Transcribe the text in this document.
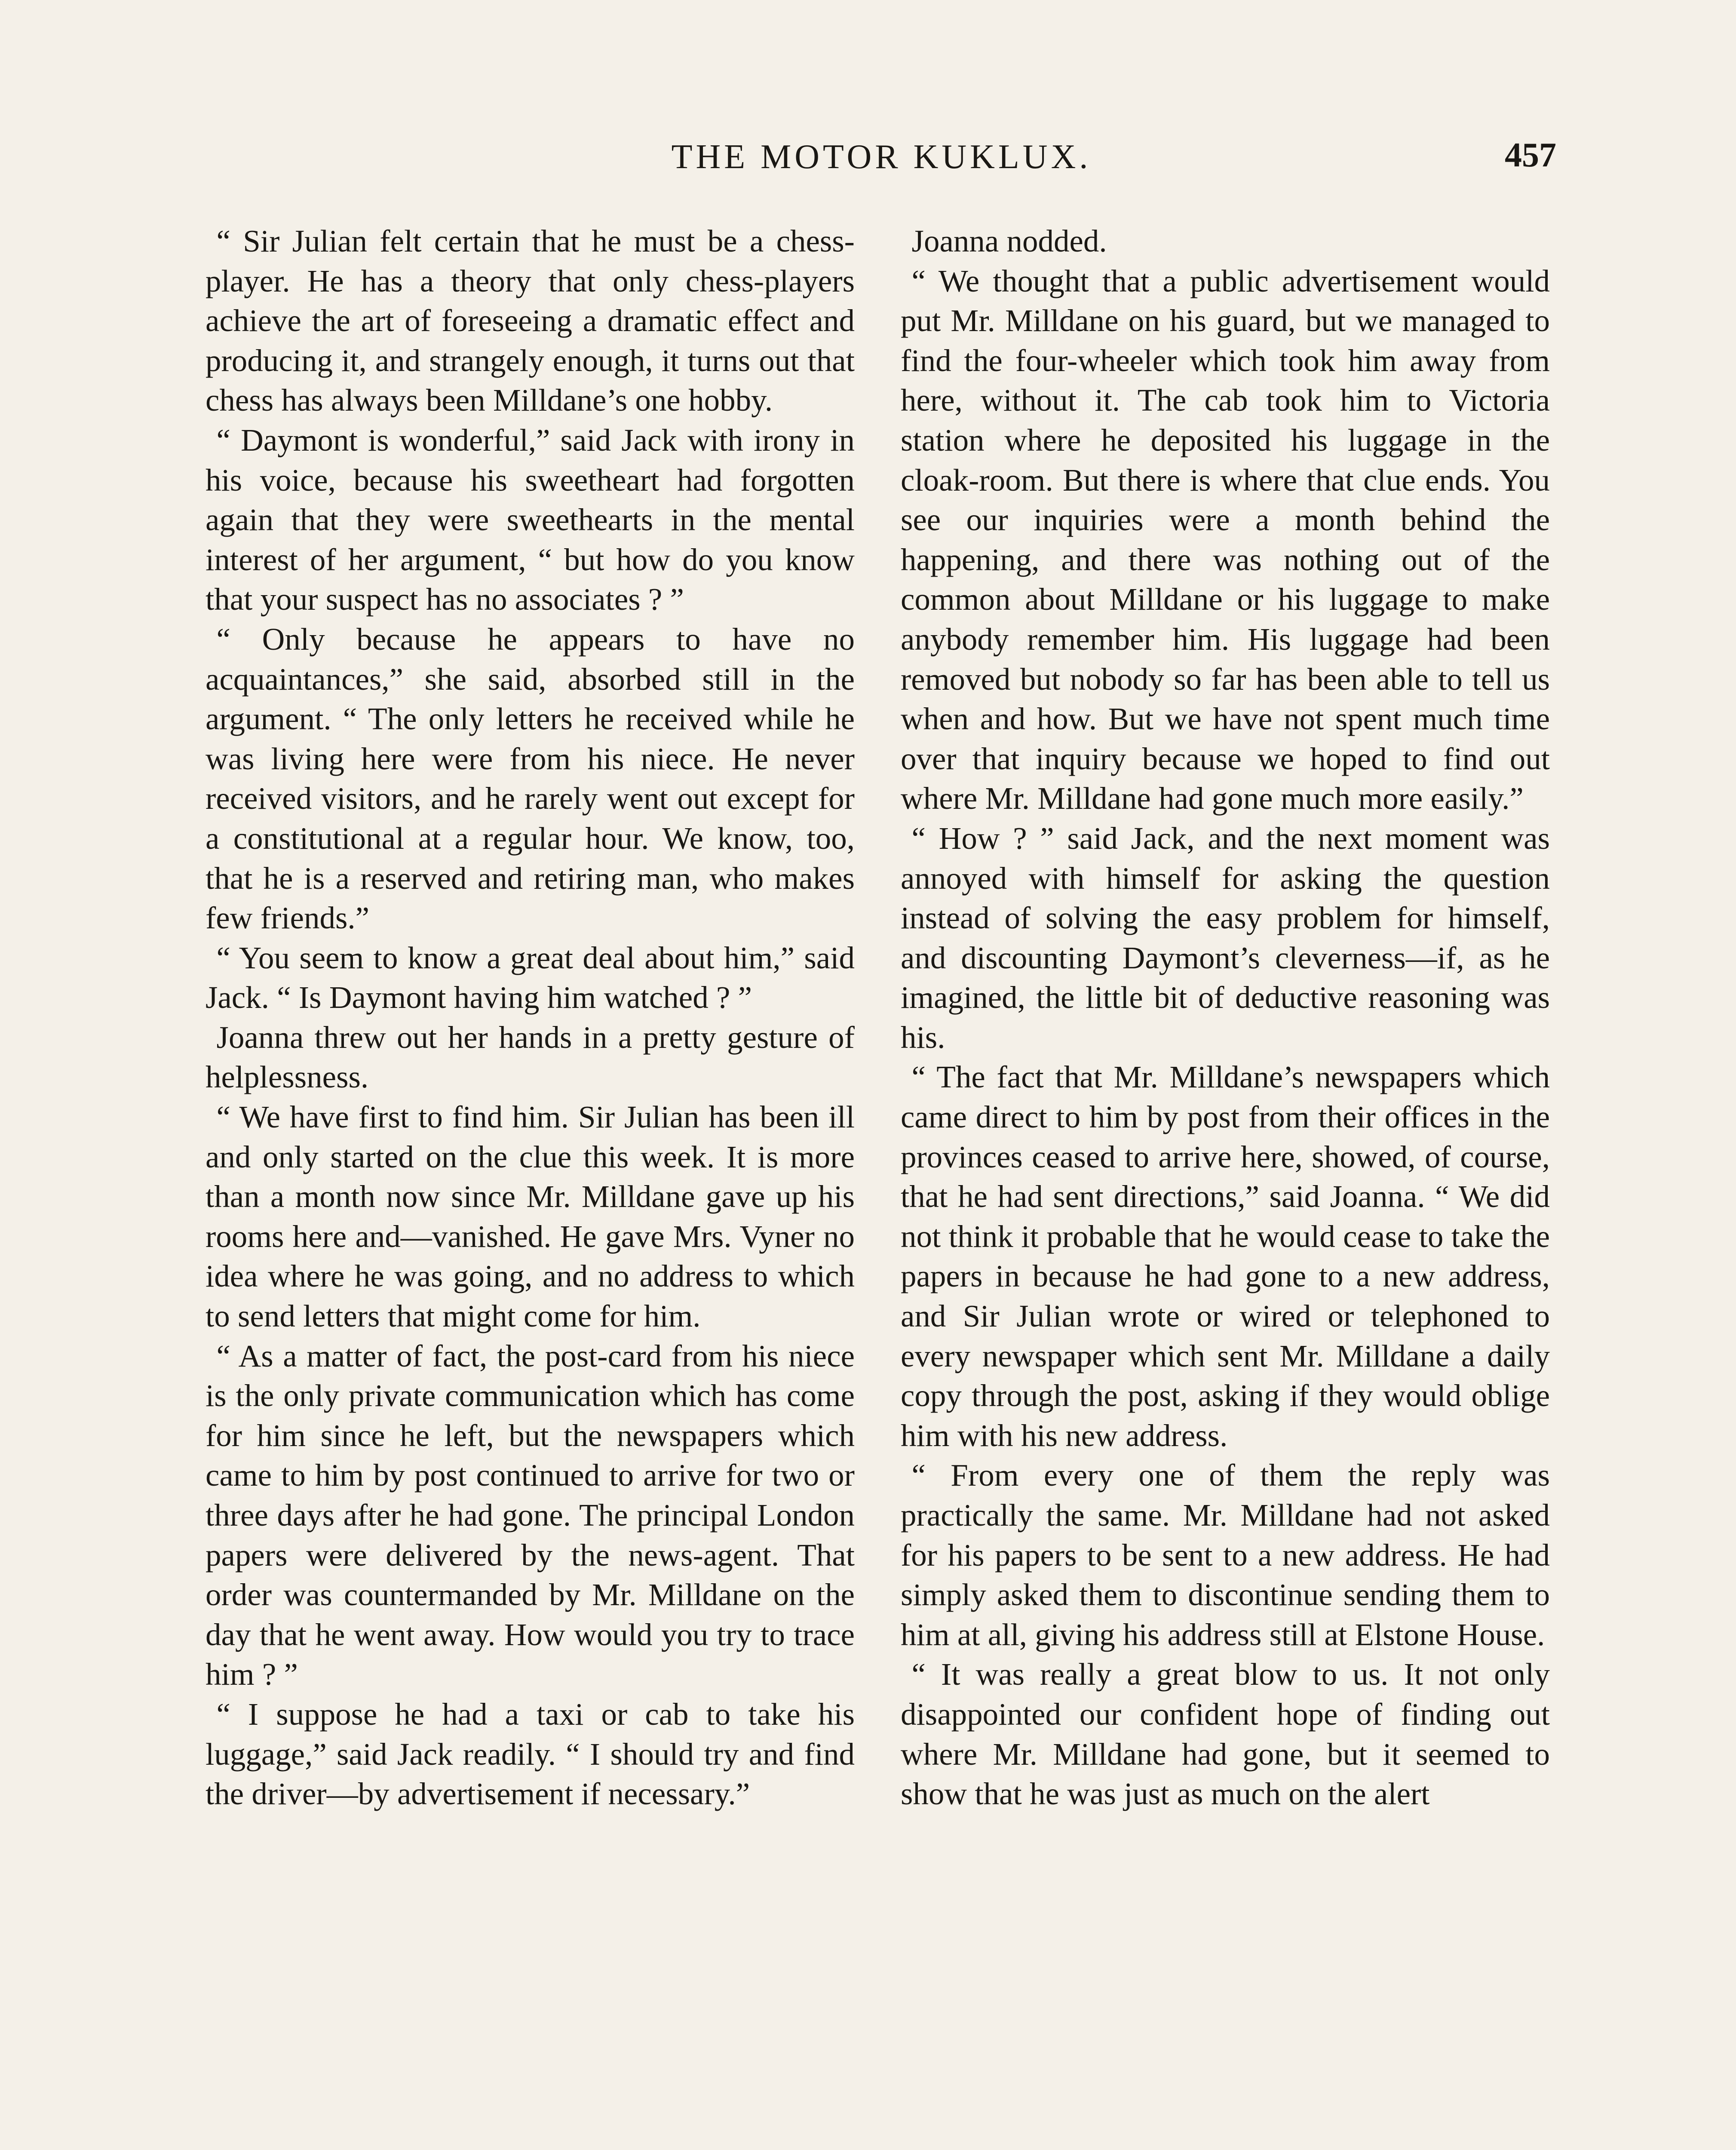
THE MOTOR KUKLUX.	457

“ Sir Julian felt certain that he must be a chess-player. He has a theory that only chess-players achieve the art of foreseeing a dramatic effect and producing it, and strangely enough, it turns out that chess has always been Milldane’s one hobby.

“ Daymont is wonderful,” said Jack with irony in his voice, because his sweetheart had forgotten again that they were sweethearts in the mental interest of her argument, “ but how do you know that your suspect has no associates ? ”

“ Only because he appears to have no acquaintances,” she said, absorbed still in the argument. “ The only letters he received while he was living here were from his niece. He never received visitors, and he rarely went out except for a constitutional at a regular hour. We know, too, that he is a reserved and retiring man, who makes few friends.”

“ You seem to know a great deal about him,” said Jack. “ Is Daymont having him watched ? ”

Joanna threw out her hands in a pretty gesture of helplessness.

“ We have first to find him. Sir Julian has been ill and only started on the clue this week. It is more than a month now since Mr. Milldane gave up his rooms here and—vanished. He gave Mrs. Vyner no idea where he was going, and no address to which to send letters that might come for him.

“ As a matter of fact, the post-card from his niece is the only private communication which has come for him since he left, but the newspapers which came to him by post continued to arrive for two or three days after he had gone. The principal London papers were delivered by the news-agent. That order was countermanded by Mr. Milldane on the day that he went away. How would you try to trace him ? ”

“ I suppose he had a taxi or cab to take his luggage,” said Jack readily. “ I should try and find the driver—by advertisement if necessary.”

Joanna nodded.

“ We thought that a public advertisement would put Mr. Milldane on his guard, but we managed to find the four-wheeler which took him away from here, without it. The cab took him to Victoria station where he deposited his luggage in the cloak-room. But there is where that clue ends. You see our inquiries were a month behind the happening, and there was nothing out of the common about Milldane or his luggage to make anybody remember him. His luggage had been removed but nobody so far has been able to tell us when and how. But we have not spent much time over that inquiry because we hoped to find out where Mr. Milldane had gone much more easily.”

“ How ? ” said Jack, and the next moment was annoyed with himself for asking the question instead of solving the easy problem for himself, and discounting Daymont’s cleverness—if, as he imagined, the little bit of deductive reasoning was his.

“ The fact that Mr. Milldane’s newspapers which came direct to him by post from their offices in the provinces ceased to arrive here, showed, of course, that he had sent directions,” said Joanna. “ We did not think it probable that he would cease to take the papers in because he had gone to a new address, and Sir Julian wrote or wired or telephoned to every newspaper which sent Mr. Milldane a daily copy through the post, asking if they would oblige him with his new address.

“ From every one of them the reply was practically the same. Mr. Milldane had not asked for his papers to be sent to a new address. He had simply asked them to discontinue sending them to him at all, giving his address still at Elstone House.

“ It was really a great blow to us. It not only disappointed our confident hope of finding out where Mr. Milldane had gone, but it seemed to show that he was just as much on the alert
